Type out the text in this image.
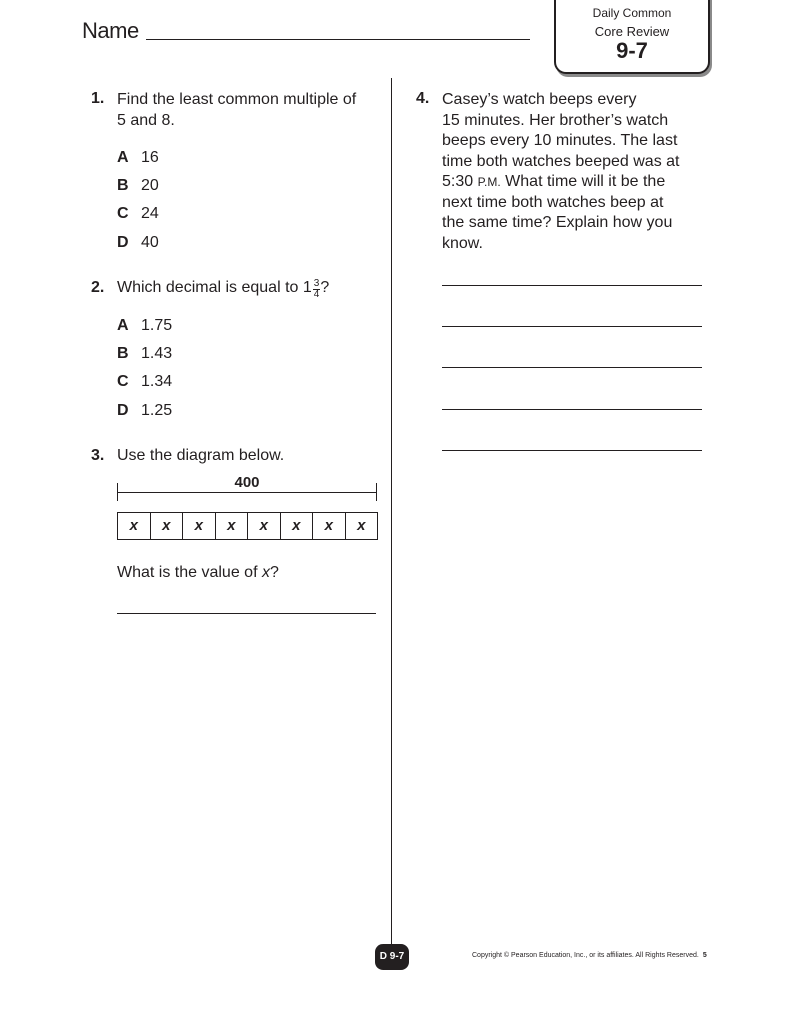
Name
Daily Common
Core Review
9-7
1. Find the least common multiple of
5 and 8.
A 16
B 20
C 24
D 40
2. Which decimal is equal to $1 \frac{3}{4}$ ?
A 1.75
B 1.43
C 1.34
D 1.25
3. Use the diagram below.
400
x	x	x	x	x	x	x	x
What is the value of x?
4. Casey’s watch beeps every
15 minutes. Her brother’s watch
beeps every 10 minutes. The last
time both watches beeped was at
5:30 P.M. What time will it be the
next time both watches beep at
the same time? Explain how you
know.
D 9-7	Copyright © Pearson Education, Inc., or its affiliates. All Rights Reserved. 5
